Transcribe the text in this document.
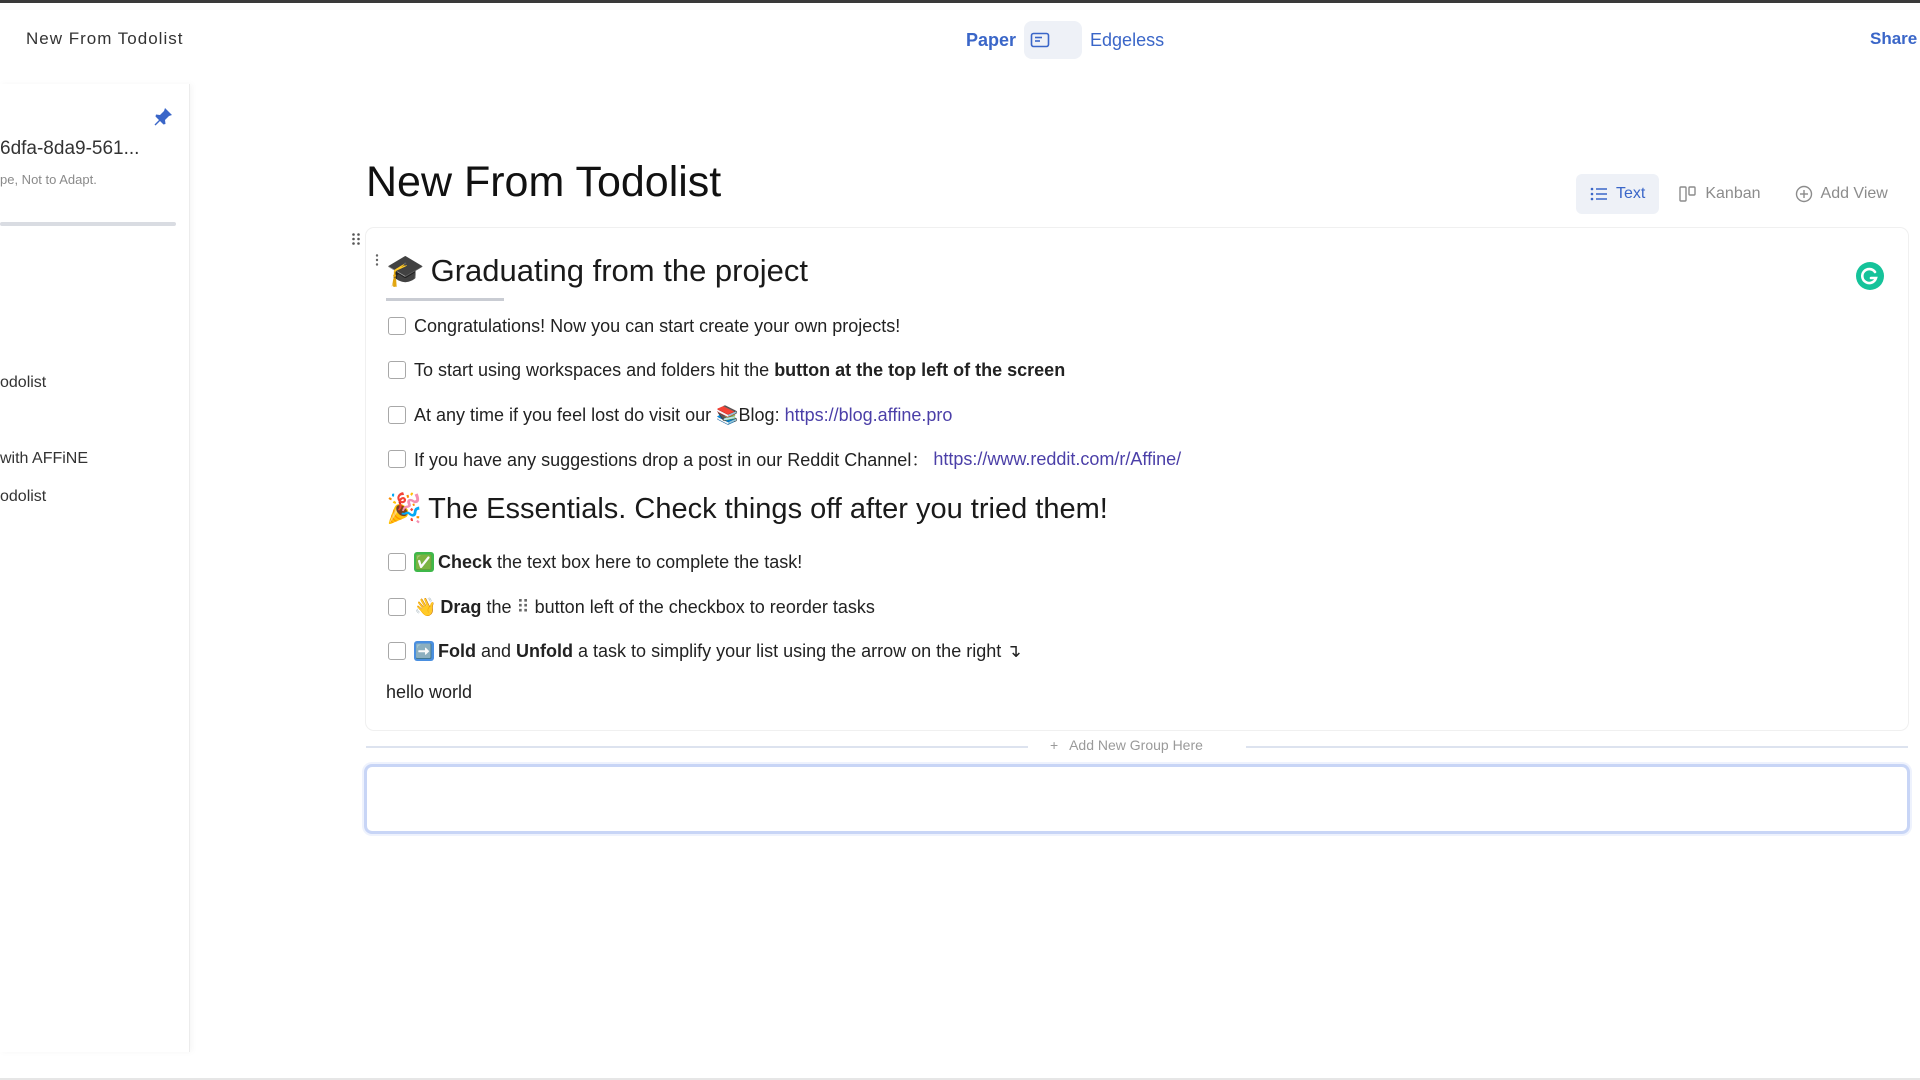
New From Todolist	Paper	Edgeless	Share
6dfa-8da9-561...
pe, Not to Adapt.
odolist
with AFFiNE
odolist
New From Todolist	Text	Kanban	Add View
🎓 Graduating from the project
Congratulations! Now you can start create your own projects!
To start using workspaces and folders hit the button at the top left of the screen
At any time if you feel lost do visit our 📚Blog: https://blog.affine.pro
If you have any suggestions drop a post in our Reddit Channel： https://www.reddit.com/r/Affine/
🎉 The Essentials. Check things off after you tried them!
✅ Check the text box here to complete the task!
👋 Drag the ⠿ button left of the checkbox to reorder tasks
➡️ Fold and Unfold a task to simplify your list using the arrow on the right ↴
hello world
+   Add New Group Here
